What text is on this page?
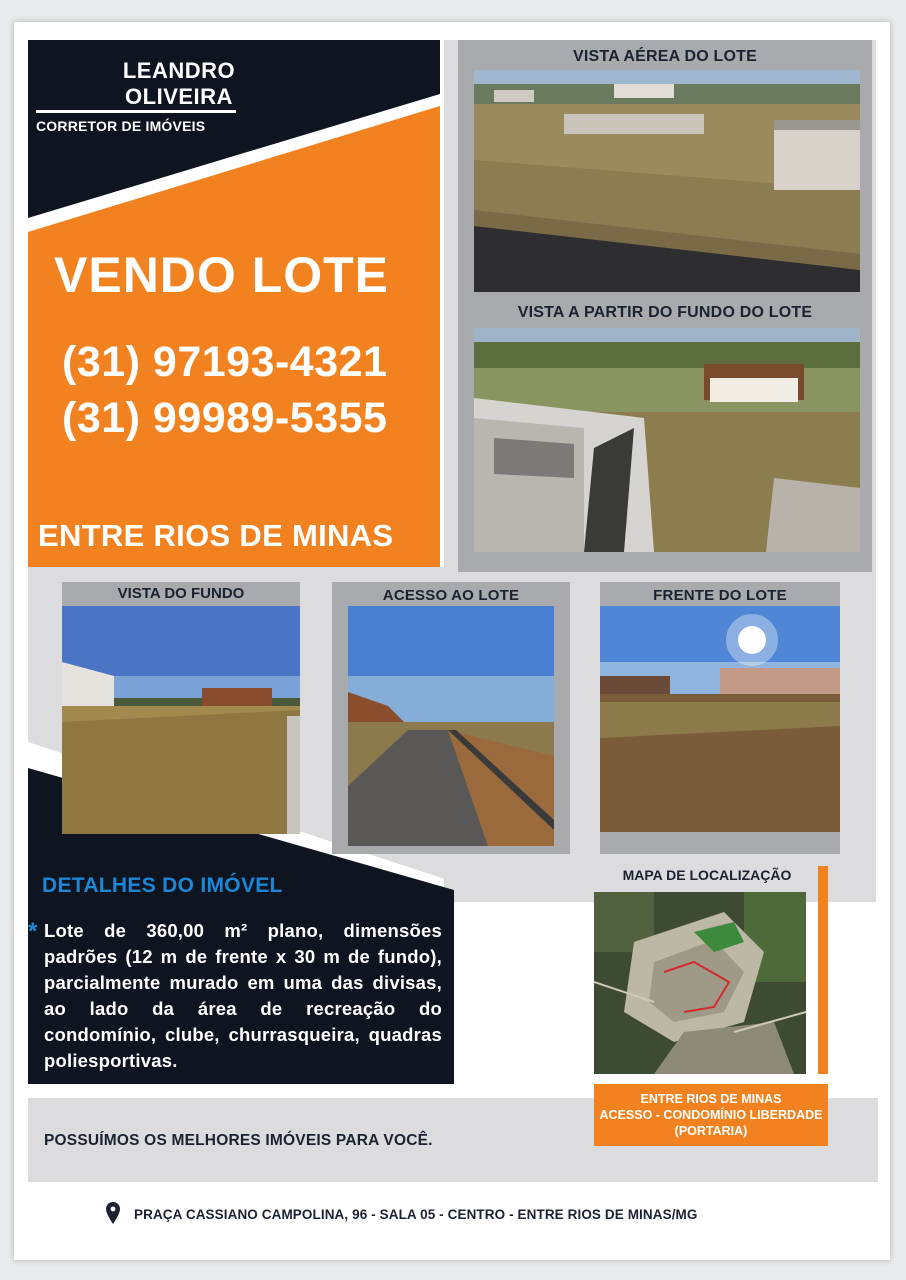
LEANDRO OLIVEIRA
CORRETOR DE IMÓVEIS
VENDO LOTE
(31) 97193-4321
(31) 99989-5355
ENTRE RIOS DE MINAS
VISTA AÉREA DO LOTE
VISTA A PARTIR DO FUNDO DO LOTE
VISTA DO FUNDO	ACESSO AO LOTE	FRENTE DO LOTE
DETALHES DO IMÓVEL
* Lote de 360,00 m² plano, dimensões padrões (12 m de frente x 30 m de fundo), parcialmente murado em uma das divisas, ao lado da área de recreação do condomínio, clube, churrasqueira, quadras poliesportivas.
MAPA DE LOCALIZAÇÃO
ENTRE RIOS DE MINAS
ACESSO - CONDOMÍNIO LIBERDADE
(PORTARIA)
POSSUÍMOS OS MELHORES IMÓVEIS PARA VOCÊ.
PRAÇA CASSIANO CAMPOLINA, 96 - SALA 05 - CENTRO - ENTRE RIOS DE MINAS/MG
